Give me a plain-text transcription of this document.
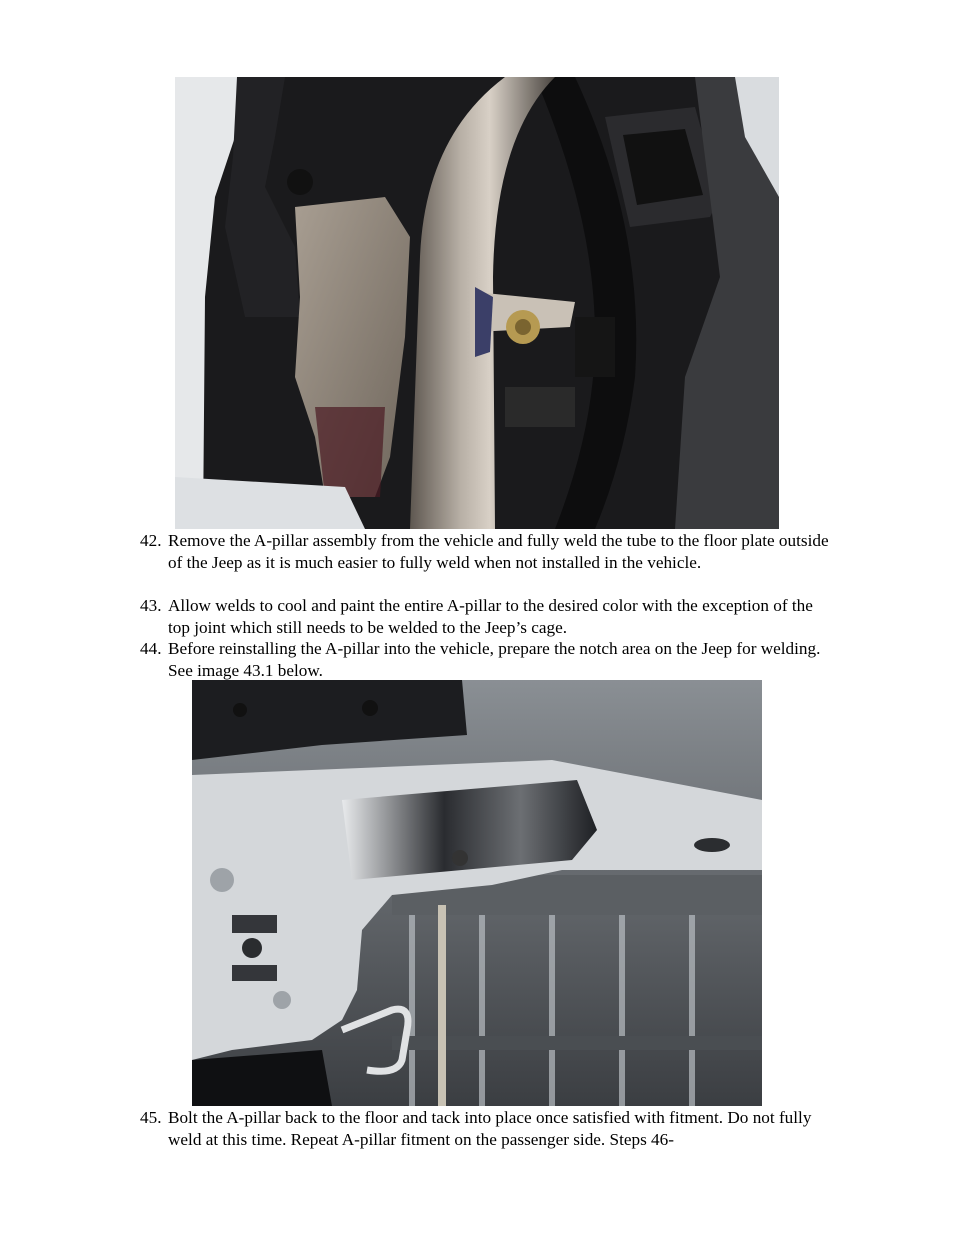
42. Remove the A-pillar assembly from the vehicle and fully weld the tube to the floor plate outside of the Jeep as it is much easier to fully weld when not installed in the vehicle.
43. Allow welds to cool and paint the entire A-pillar to the desired color with the exception of the top joint which still needs to be welded to the Jeep’s cage.
44. Before reinstalling the A-pillar into the vehicle, prepare the notch area on the Jeep for welding. See image 43.1 below.
45. Bolt the A-pillar back to the floor and tack into place once satisfied with fitment. Do not fully weld at this time. Repeat A-pillar fitment on the passenger side. Steps 46-
